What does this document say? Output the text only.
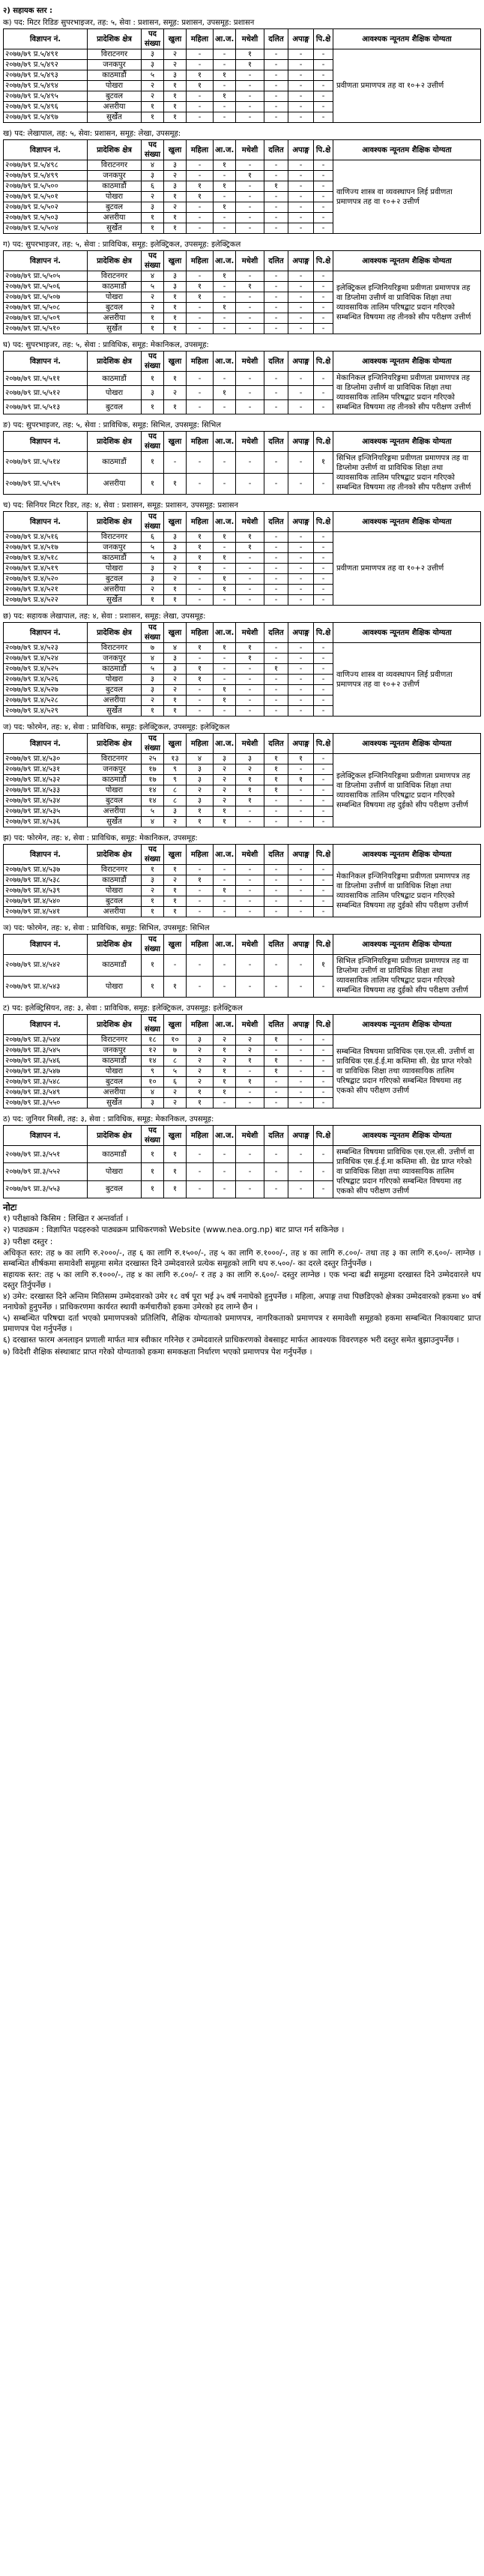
२) सहायक स्तर :
क) पद: मिटर रिडिङ सुपरभाइजर, तह: ५, सेवा : प्रशासन, समूह: प्रशासन, उपसमूह: प्रशासन
विज्ञापन नं.	प्रादेशिक क्षेत्र	पद संख्या	खुला	महिला	आ.ज.	मधेशी	दलित	अपाङ्ग	पि.क्षे	आवश्यक न्यूनतम शैक्षिक योग्यता
२०७७/७९ प्र.५/४९१	विराटनगर	३	२	-	-	१	-	-	-	प्रवीणता प्रमाणपत्र तह वा १०+२ उत्तीर्ण
२०७७/७९ प्र.५/४९२	जनकपुर	३	२	-	-	१	-	-	-	
२०७७/७९ प्र.५/४९३	काठमाडौं	५	३	१	१	-	-	-	-	
२०७७/७९ प्र.५/४९४	पोखरा	२	१	१	-	-	-	-	-	
२०७७/७९ प्र.५/४९५	बुटवल	२	१	-	१	-	-	-	-	
२०७७/७९ प्र.५/४९६	अत्तरीया	१	१	-	-	-	-	-	-	
२०७७/७९ प्र.५/४९७	सुर्खेत	१	१	-	-	-	-	-	-	
ख) पद: लेखापाल, तह: ५, सेवा: प्रशासन, समूह: लेखा, उपसमूह:
विज्ञापन नं.	प्रादेशिक क्षेत्र	पद संख्या	खुला	महिला	आ.ज.	मधेशी	दलित	अपाङ्ग	पि.क्षे	आवश्यक न्यूनतम शैक्षिक योग्यता
२०७७/७९ प्र.५/४९८	विराटनगर	४	३	-	१	-	-	-	-	वाणिज्य शास्त्र वा व्यवस्थापन लिई प्रवीणता प्रमाणपत्र तह वा १०+२ उत्तीर्ण
२०७७/७९ प्र.५/४९९	जनकपुर	३	२	-	-	१	-	-	-	
२०७७/७९ प्र.५/५००	काठमाडौं	६	३	१	१	-	१	-	-	
२०७७/७९ प्र.५/५०१	पोखरा	२	१	१	-	-	-	-	-	
२०७७/७९ प्र.५/५०२	बुटवल	३	२	-	१	-	-	-	-	
२०७७/७९ प्र.५/५०३	अत्तरीया	१	१	-	-	-	-	-	-	
२०७७/७९ प्र.५/५०४	सुर्खेत	१	१	-	-	-	-	-	-	
ग) पद: सुपरभाइजर, तह: ५, सेवा : प्राविधिक, समूह: इलेक्ट्रिकल, उपसमूह: इलेक्ट्रिकल
विज्ञापन नं.	प्रादेशिक क्षेत्र	पद संख्या	खुला	महिला	आ.ज.	मधेशी	दलित	अपाङ्ग	पि.क्षे	आवश्यक न्यूनतम शैक्षिक योग्यता
२०७७/७९ प्रा.५/५०५	विराटनगर	४	३	-	१	-	-	-	-	इलेक्ट्रिकल इन्जिनियरिङ्गमा प्रवीणता प्रमाणपत्र तह वा डिप्लोमा उत्तीर्ण वा प्राविधिक शिक्षा तथा व्यावसायिक तालिम परिषद्बाट प्रदान गरिएको सम्बन्धित विषयमा तह तीनको सीप परीक्षण उत्तीर्ण
२०७७/७९ प्रा.५/५०६	काठमाडौं	५	३	१	-	१	-	-	-	
२०७७/७९ प्रा.५/५०७	पोखरा	२	१	१	-	-	-	-	-	
२०७७/७९ प्रा.५/५०८	बुटवल	२	१	-	१	-	-	-	-	
२०७७/७९ प्रा.५/५०९	अत्तरीया	१	१	-	-	-	-	-	-	
२०७७/७९ प्रा.५/५१०	सुर्खेत	१	१	-	-	-	-	-	-	
घ) पद: सुपरभाइजर, तह: ५, सेवा : प्राविधिक, समूह: मेकानिकल, उपसमूह:
विज्ञापन नं.	प्रादेशिक क्षेत्र	पद संख्या	खुला	महिला	आ.ज.	मधेशी	दलित	अपाङ्ग	पि.क्षे	आवश्यक न्यूनतम शैक्षिक योग्यता
२०७७/७९ प्रा.५/५११	काठमाडौं	१	१	-	-	-	-	-	-	मेकानिकल इन्जिनियरिङ्गमा प्रवीणता प्रमाणपत्र तह वा डिप्लोमा उत्तीर्ण वा प्राविधिक शिक्षा तथा व्यावसायिक तालिम परिषद्बाट प्रदान गरिएको सम्बन्धित विषयमा तह तीनको सीप परीक्षण उत्तीर्ण
२०७७/७९ प्रा.५/५१२	पोखरा	३	२	-	१	-	-	-	-	
२०७७/७९ प्रा.५/५१३	बुटवल	१	१	-	-	-	-	-	-	
ङ) पद: सुपरभाइजर, तह: ५, सेवा : प्राविधिक, समूह: सिभिल, उपसमूह: सिभिल
विज्ञापन नं.	प्रादेशिक क्षेत्र	पद संख्या	खुला	महिला	आ.ज.	मधेशी	दलित	अपाङ्ग	पि.क्षे	आवश्यक न्यूनतम शैक्षिक योग्यता
२०७७/७९ प्रा.५/५१४	काठमाडौं	१	-	-	-	-	-	-	१	सिभिल इन्जिनियरिङ्गमा प्रवीणता प्रमाणपत्र तह वा डिप्लोमा उत्तीर्ण वा प्राविधिक शिक्षा तथा व्यावसायिक तालिम परिषद्बाट प्रदान गरिएको सम्बन्धित विषयमा तह तीनको सीप परीक्षण उत्तीर्ण
२०७७/७९ प्रा.५/५१५	अत्तरीया	१	१	-	-	-	-	-	-	
च) पद: सिनियर मिटर रिडर, तह: ४, सेवा : प्रशासन, समूह: प्रशासन, उपसमूह: प्रशासन
विज्ञापन नं.	प्रादेशिक क्षेत्र	पद संख्या	खुला	महिला	आ.ज.	मधेशी	दलित	अपाङ्ग	पि.क्षे	आवश्यक न्यूनतम शैक्षिक योग्यता
२०७७/७९ प्र.४/५१६	विराटनगर	६	३	१	१	१	-	-	-	प्रवीणता प्रमाणपत्र तह वा १०+२ उत्तीर्ण
२०७७/७९ प्र.४/५१७	जनकपुर	५	३	१	-	१	-	-	-	
२०७७/७९ प्र.४/५१८	काठमाडौं	५	३	१	१	-	-	-	-	
२०७७/७९ प्र.४/५१९	पोखरा	३	२	१	-	-	-	-	-	
२०७७/७९ प्र.४/५२०	बुटवल	३	२	-	१	-	-	-	-	
२०७७/७९ प्र.४/५२१	अत्तरीया	२	१	-	१	-	-	-	-	
२०७७/७९ प्र.४/५२२	सुर्खेत	१	१	-	-	-	-	-	-	
छ) पद: सहायक लेखापाल, तह: ४, सेवा : प्रशासन, समूह: लेखा, उपसमूह:
विज्ञापन नं.	प्रादेशिक क्षेत्र	पद संख्या	खुला	महिला	आ.ज.	मधेशी	दलित	अपाङ्ग	पि.क्षे	आवश्यक न्यूनतम शैक्षिक योग्यता
२०७७/७९ प्र.४/५२३	विराटनगर	७	४	१	१	१	-	-	-	वाणिज्य शास्त्र वा व्यवस्थापन लिई प्रवीणता प्रमाणपत्र तह वा १०+२ उत्तीर्ण
२०७७/७९ प्र.४/५२४	जनकपुर	४	३	-	-	१	-	-	-	
२०७७/७९ प्र.४/५२५	काठमाडौं	५	३	१	-	-	१	-	-	
२०७७/७९ प्र.४/५२६	पोखरा	३	२	१	-	-	-	-	-	
२०७७/७९ प्र.४/५२७	बुटवल	३	२	-	१	-	-	-	-	
२०७७/७९ प्र.४/५२८	अत्तरीया	२	१	-	१	-	-	-	-	
२०७७/७९ प्र.४/५२९	सुर्खेत	१	१	-	-	-	-	-	-	
ज) पद: फोरमेन, तह: ४, सेवा : प्राविधिक, समूह: इलेक्ट्रिकल, उपसमूह: इलेक्ट्रिकल
विज्ञापन नं.	प्रादेशिक क्षेत्र	पद संख्या	खुला	महिला	आ.ज.	मधेशी	दलित	अपाङ्ग	पि.क्षे	आवश्यक न्यूनतम शैक्षिक योग्यता
२०७७/७९ प्रा.४/५३०	विराटनगर	२५	१३	४	३	३	१	१	-	इलेक्ट्रिकल इन्जिनियरिङ्गमा प्रवीणता प्रमाणपत्र तह वा डिप्लोमा उत्तीर्ण वा प्राविधिक शिक्षा तथा व्यावसायिक तालिम परिषद्बाट प्रदान गरिएको सम्बन्धित विषयमा तह दुईको सीप परीक्षण उत्तीर्ण
२०७७/७९ प्रा.४/५३१	जनकपुर	१७	९	३	२	२	१	-	-	
२०७७/७९ प्रा.४/५३२	काठमाडौं	१७	९	३	२	१	१	१	-	
२०७७/७९ प्रा.४/५३३	पोखरा	१४	८	२	२	१	१	-	-	
२०७७/७९ प्रा.४/५३४	बुटवल	१४	८	३	२	१	-	-	-	
२०७७/७९ प्रा.४/५३५	अत्तरीया	५	३	१	१	-	-	-	-	
२०७७/७९ प्रा.४/५३६	सुर्खेत	४	२	१	१	-	-	-	-	
झ) पद: फोरमेन, तह: ४, सेवा : प्राविधिक, समूह: मेकानिकल, उपसमूह:
विज्ञापन नं.	प्रादेशिक क्षेत्र	पद संख्या	खुला	महिला	आ.ज.	मधेशी	दलित	अपाङ्ग	पि.क्षे	आवश्यक न्यूनतम शैक्षिक योग्यता
२०७७/७९ प्रा.४/५३७	विराटनगर	१	१	-	-	-	-	-	-	मेकानिकल इन्जिनियरिङ्गमा प्रवीणता प्रमाणपत्र तह वा डिप्लोमा उत्तीर्ण वा प्राविधिक शिक्षा तथा व्यावसायिक तालिम परिषद्बाट प्रदान गरिएको सम्बन्धित विषयमा तह दुईको सीप परीक्षण उत्तीर्ण
२०७७/७९ प्रा.४/५३८	काठमाडौं	३	२	१	-	-	-	-	-	
२०७७/७९ प्रा.४/५३९	पोखरा	२	१	-	१	-	-	-	-	
२०७७/७९ प्रा.४/५४०	बुटवल	१	१	-	-	-	-	-	-	
२०७७/७९ प्रा.४/५४१	अत्तरीया	१	१	-	-	-	-	-	-	
ञ) पद: फोरमेन, तह: ४, सेवा : प्राविधिक, समूह: सिभिल, उपसमूह: सिभिल
विज्ञापन नं.	प्रादेशिक क्षेत्र	पद संख्या	खुला	महिला	आ.ज.	मधेशी	दलित	अपाङ्ग	पि.क्षे	आवश्यक न्यूनतम शैक्षिक योग्यता
२०७७/७९ प्रा.४/५४२	काठमाडौं	१	-	-	-	-	-	-	१	सिभिल इन्जिनियरिङ्गमा प्रवीणता प्रमाणपत्र तह वा डिप्लोमा उत्तीर्ण वा प्राविधिक शिक्षा तथा व्यावसायिक तालिम परिषद्बाट प्रदान गरिएको सम्बन्धित विषयमा तह दुईको सीप परीक्षण उत्तीर्ण
२०७७/७९ प्रा.४/५४३	पोखरा	१	१	-	-	-	-	-	-	
ट) पद: इलेक्ट्रिसियन, तह: ३, सेवा : प्राविधिक, समूह: इलेक्ट्रिकल, उपसमूह: इलेक्ट्रिकल
विज्ञापन नं.	प्रादेशिक क्षेत्र	पद संख्या	खुला	महिला	आ.ज.	मधेशी	दलित	अपाङ्ग	पि.क्षे	आवश्यक न्यूनतम शैक्षिक योग्यता
२०७७/७९ प्रा.३/५४४	विराटनगर	१८	१०	३	२	२	१	-	-	सम्बन्धित विषयमा प्राविधिक एस.एल.सी. उत्तीर्ण वा प्राविधिक एस.ई.ई.मा कम्तिमा सी. ग्रेड प्राप्त गरेको वा प्राविधिक शिक्षा तथा व्यावसायिक तालिम परिषद्बाट प्रदान गरिएको सम्बन्धित विषयमा तह एकको सीप परीक्षण उत्तीर्ण
२०७७/७९ प्रा.३/५४५	जनकपुर	१२	७	२	१	२	-	-	-	
२०७७/७९ प्रा.३/५४६	काठमाडौं	१४	८	२	२	१	१	-	-	
२०७७/७९ प्रा.३/५४७	पोखरा	९	५	२	१	-	१	-	-	
२०७७/७९ प्रा.३/५४८	बुटवल	१०	६	२	१	१	-	-	-	
२०७७/७९ प्रा.३/५४९	अत्तरीया	४	२	१	१	-	-	-	-	
२०७७/७९ प्रा.३/५५०	सुर्खेत	३	२	१	-	-	-	-	-	
ठ) पद: जुनियर मिस्त्री, तह: ३, सेवा : प्राविधिक, समूह: मेकानिकल, उपसमूह:
विज्ञापन नं.	प्रादेशिक क्षेत्र	पद संख्या	खुला	महिला	आ.ज.	मधेशी	दलित	अपाङ्ग	पि.क्षे	आवश्यक न्यूनतम शैक्षिक योग्यता
२०७७/७९ प्रा.३/५५१	काठमाडौं	१	१	-	-	-	-	-	-	सम्बन्धित विषयमा प्राविधिक एस.एल.सी. उत्तीर्ण वा प्राविधिक एस.ई.ई.मा कम्तिमा सी. ग्रेड प्राप्त गरेको वा प्राविधिक शिक्षा तथा व्यावसायिक तालिम परिषद्बाट प्रदान गरिएको सम्बन्धित विषयमा तह एकको सीप परीक्षण उत्तीर्ण
२०७७/७९ प्रा.३/५५२	पोखरा	१	१	-	-	-	-	-	-	
२०७७/७९ प्रा.३/५५३	बुटवल	१	१	-	-	-	-	-	-	
नोटः

१) परीक्षाको किसिम : लिखित र अन्तर्वार्ता ।

२) पाठ्यक्रम : विज्ञापित पदहरुको पाठ्यक्रम प्राधिकरणको Website (www.nea.org.np) बाट प्राप्त गर्न सकिनेछ ।

३) परीक्षा दस्तुर :

अधिकृत स्तर: तह ७ का लागि रु.२०००/-, तह ६ का लागि रु.१५००/-, तह ५ का लागि रु.१०००/-, तह ४ का लागि रु.८००/- तथा तह ३ का लागि रु.६००/- लाग्नेछ । सम्बन्धित शीर्षकमा समावेशी समूहमा समेत दरखास्त दिने उम्मेदवारले प्रत्येक समूहको लागि थप रु.५००/- का दरले दस्तुर तिर्नुपर्नेछ ।

सहायक स्तर: तह ५ का लागि रु.१०००/-, तह ४ का लागि रु.८००/- र तह ३ का लागि रु.६००/- दस्तुर लाग्नेछ । एक भन्दा बढी समूहमा दरखास्त दिने उम्मेदवारले थप दस्तुर तिर्नुपर्नेछ ।

४) उमेर: दरखास्त दिने अन्तिम मितिसम्म उम्मेदवारको उमेर १८ वर्ष पूरा भई ३५ वर्ष ननाघेको हुनुपर्नेछ । महिला, अपाङ्ग तथा पिछडिएको क्षेत्रका उम्मेदवारको हकमा ४० वर्ष ननाघेको हुनुपर्नेछ । प्राधिकरणमा कार्यरत स्थायी कर्मचारीको हकमा उमेरको हद लाग्ने छैन ।

५) सम्बन्धित परिषद्मा दर्ता भएको प्रमाणपत्रको प्रतिलिपि, शैक्षिक योग्यताको प्रमाणपत्र, नागरिकताको प्रमाणपत्र र समावेशी समूहको हकमा सम्बन्धित निकायबाट प्राप्त प्रमाणपत्र पेश गर्नुपर्नेछ ।

६) दरखास्त फारम अनलाइन प्रणाली मार्फत मात्र स्वीकार गरिनेछ र उम्मेदवारले प्राधिकरणको वेबसाइट मार्फत आवश्यक विवरणहरु भरी दस्तुर समेत बुझाउनुपर्नेछ ।

७) विदेशी शैक्षिक संस्थाबाट प्राप्त गरेको योग्यताको हकमा समकक्षता निर्धारण भएको प्रमाणपत्र पेश गर्नुपर्नेछ ।
